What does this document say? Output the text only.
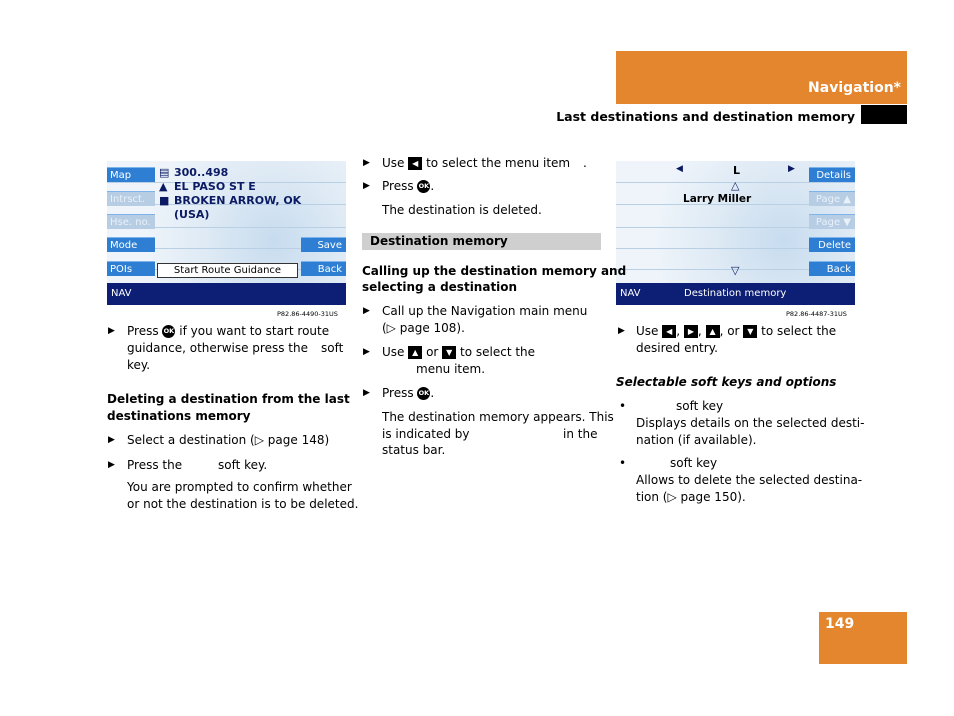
Navigation*
Last destinations and destination memory
Map
Intrsct.
Hse. no.
Mode
POIs
Save
Back
▤ 300..498
▲ EL PASO ST E
■ BROKEN ARROW, OK
(USA)
Start Route Guidance
NAV
P82.86-4490-31US
◀	L	▶
△
Larry Miller
▽
Details
Page ▲
Page ▼
Delete
Back
NAV	Destination memory
P82.86-4487-31US
▶ Press OK if you want to start route
guidance, otherwise press the soft
key.
Deleting a destination from the last
destinations memory
▶ Select a destination (▷ page 148)
▶ Press the	soft key.
You are prompted to confirm whether
or not the destination is to be deleted.
▶ Use ◀ to select the menu item	.
▶ Press OK.
The destination is deleted.
Destination memory
Calling up the destination memory and
selecting a destination
▶ Call up the Navigation main menu
(▷ page 108).
▶ Use ▲ or ▼ to select the
menu item.
▶ Press OK.
The destination memory appears. This
is indicated by	in the
status bar.
▶ Use ◀ , ▶ , ▲ , or ▼ to select the
desired entry.
Selectable soft keys and options
•	soft key
Displays details on the selected desti-
nation (if available).
•	soft key
Allows to delete the selected destina-
tion (▷ page 150).
149
